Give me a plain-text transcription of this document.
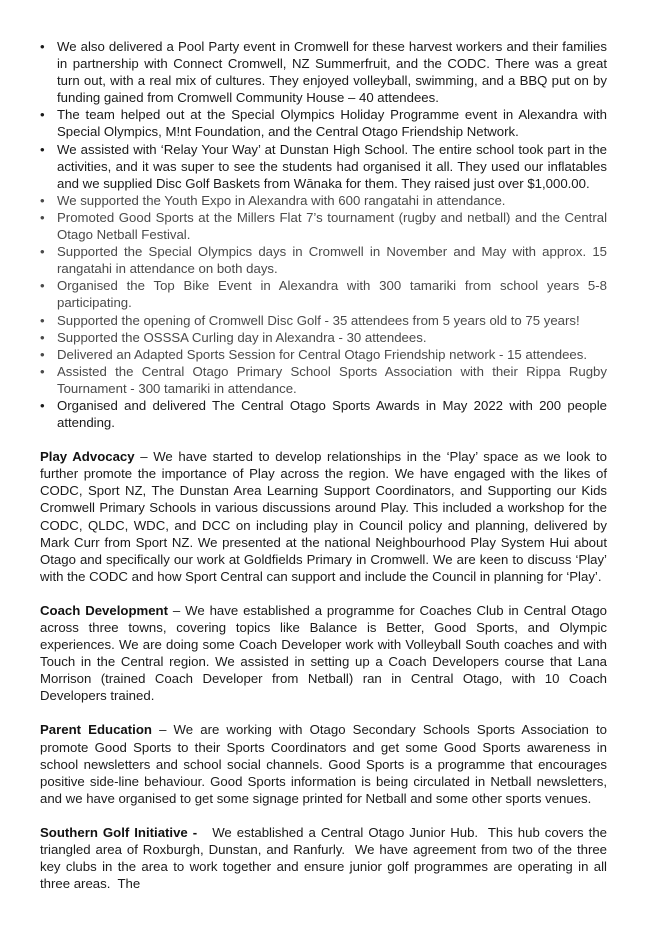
• We also delivered a Pool Party event in Cromwell for these harvest workers and their families in partnership with Connect Cromwell, NZ Summerfruit, and the CODC. There was a great turn out, with a real mix of cultures. They enjoyed volleyball, swimming, and a BBQ put on by funding gained from Cromwell Community House – 40 attendees.
• The team helped out at the Special Olympics Holiday Programme event in Alexandra with Special Olympics, M!nt Foundation, and the Central Otago Friendship Network.
• We assisted with ‘Relay Your Way’ at Dunstan High School. The entire school took part in the activities, and it was super to see the students had organised it all. They used our inflatables and we supplied Disc Golf Baskets from Wānaka for them. They raised just over $1,000.00.
• We supported the Youth Expo in Alexandra with 600 rangatahi in attendance.
• Promoted Good Sports at the Millers Flat 7’s tournament (rugby and netball) and the Central Otago Netball Festival.
• Supported the Special Olympics days in Cromwell in November and May with approx. 15 rangatahi in attendance on both days.
• Organised the Top Bike Event in Alexandra with 300 tamariki from school years 5-8 participating.
• Supported the opening of Cromwell Disc Golf - 35 attendees from 5 years old to 75 years!
• Supported the OSSSA Curling day in Alexandra - 30 attendees.
• Delivered an Adapted Sports Session for Central Otago Friendship network - 15 attendees.
• Assisted the Central Otago Primary School Sports Association with their Rippa Rugby Tournament - 300 tamariki in attendance.
• Organised and delivered The Central Otago Sports Awards in May 2022 with 200 people attending.

Play Advocacy – We have started to develop relationships in the ‘Play’ space as we look to further promote the importance of Play across the region. We have engaged with the likes of CODC, Sport NZ, The Dunstan Area Learning Support Coordinators, and Supporting our Kids Cromwell Primary Schools in various discussions around Play. This included a workshop for the CODC, QLDC, WDC, and DCC on including play in Council policy and planning, delivered by Mark Curr from Sport NZ. We presented at the national Neighbourhood Play System Hui about Otago and specifically our work at Goldfields Primary in Cromwell. We are keen to discuss ‘Play’ with the CODC and how Sport Central can support and include the Council in planning for ‘Play’.

Coach Development – We have established a programme for Coaches Club in Central Otago across three towns, covering topics like Balance is Better, Good Sports, and Olympic experiences. We are doing some Coach Developer work with Volleyball South coaches and with Touch in the Central region. We assisted in setting up a Coach Developers course that Lana Morrison (trained Coach Developer from Netball) ran in Central Otago, with 10 Coach Developers trained.

Parent Education – We are working with Otago Secondary Schools Sports Association to promote Good Sports to their Sports Coordinators and get some Good Sports awareness in school newsletters and school social channels. Good Sports is a programme that encourages positive side-line behaviour. Good Sports information is being circulated in Netball newsletters, and we have organised to get some signage printed for Netball and some other sports venues.

Southern Golf Initiative -   We established a Central Otago Junior Hub.  This hub covers the triangled area of Roxburgh, Dunstan, and Ranfurly.  We have agreement from two of the three key clubs in the area to work together and ensure junior golf programmes are operating in all three areas.  The
